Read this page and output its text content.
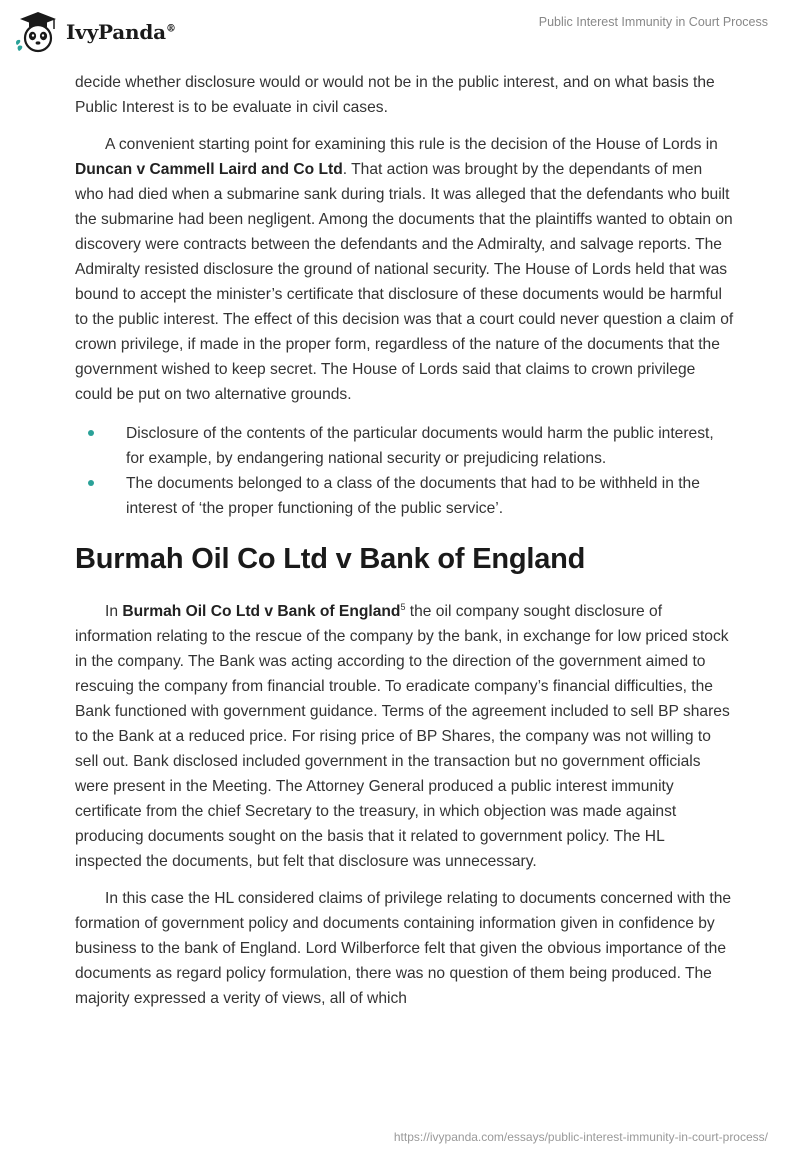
IvyPanda®	Public Interest Immunity in Court Process

decide whether disclosure would or would not be in the public interest, and on what basis the Public Interest is to be evaluate in civil cases.

A convenient starting point for examining this rule is the decision of the House of Lords in Duncan v Cammell Laird and Co Ltd. That action was brought by the dependants of men who had died when a submarine sank during trials. It was alleged that the defendants who built the submarine had been negligent. Among the documents that the plaintiffs wanted to obtain on discovery were contracts between the defendants and the Admiralty, and salvage reports. The Admiralty resisted disclosure the ground of national security. The House of Lords held that was bound to accept the minister’s certificate that disclosure of these documents would be harmful to the public interest. The effect of this decision was that a court could never question a claim of crown privilege, if made in the proper form, regardless of the nature of the documents that the government wished to keep secret. The House of Lords said that claims to crown privilege could be put on two alternative grounds.

Disclosure of the contents of the particular documents would harm the public interest, for example, by endangering national security or prejudicing relations.
The documents belonged to a class of the documents that had to be withheld in the interest of ‘the proper functioning of the public service’.
Burmah Oil Co Ltd v Bank of England

In Burmah Oil Co Ltd v Bank of England$^5$ the oil company sought disclosure of information relating to the rescue of the company by the bank, in exchange for low priced stock in the company. The Bank was acting according to the direction of the government aimed to rescuing the company from financial trouble. To eradicate company’s financial difficulties, the Bank functioned with government guidance. Terms of the agreement included to sell BP shares to the Bank at a reduced price. For rising price of BP Shares, the company was not willing to sell out. Bank disclosed included government in the transaction but no government officials were present in the Meeting. The Attorney General produced a public interest immunity certificate from the chief Secretary to the treasury, in which objection was made against producing documents sought on the basis that it related to government policy. The HL inspected the documents, but felt that disclosure was unnecessary.

In this case the HL considered claims of privilege relating to documents concerned with the formation of government policy and documents containing information given in confidence by business to the bank of England. Lord Wilberforce felt that given the obvious importance of the documents as regard policy formulation, there was no question of them being produced. The majority expressed a verity of views, all of which

https://ivypanda.com/essays/public-interest-immunity-in-court-process/
